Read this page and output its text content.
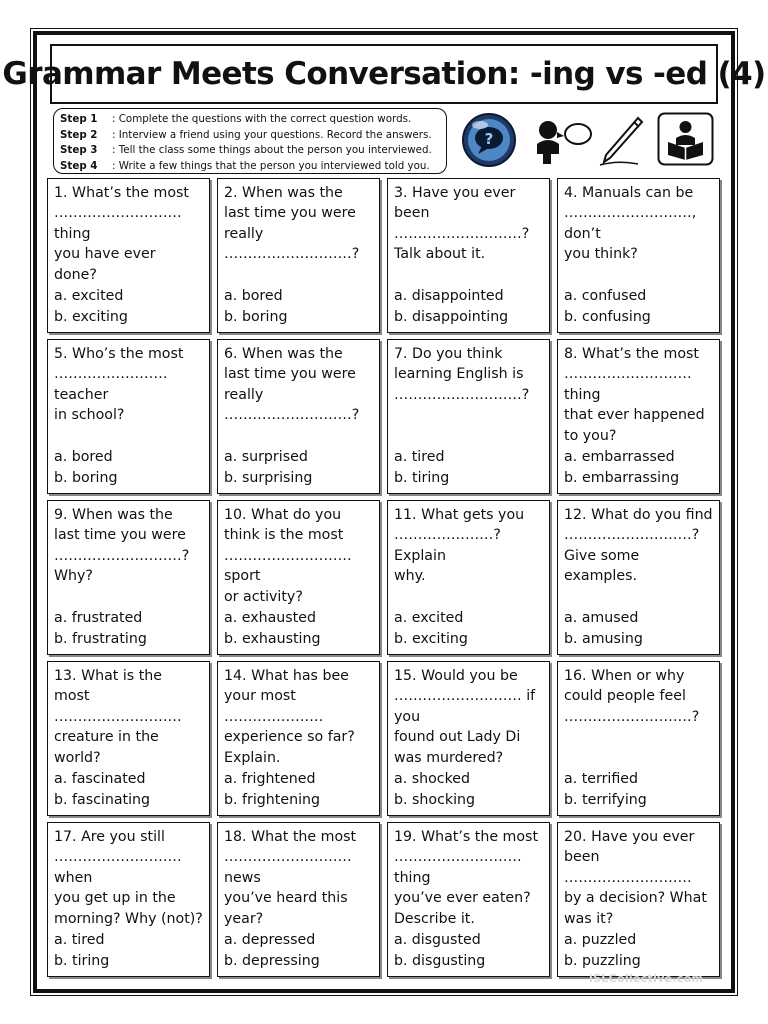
Grammar Meets Conversation: -ing vs -ed (4)
Step 1 : Complete the questions with the correct question words.
Step 2 : Interview a friend using your questions. Record the answers.
Step 3 : Tell the class some things about the person you interviewed.
Step 4 : Write a few things that the person you interviewed told you.
?
1. What’s the most
……………………… thing
you have ever done?
a. excited
b. exciting
2. When was the
last time you were
really ………………………?
a. bored
b. boring
3. Have you ever
been ………………………?
Talk about it.
a. disappointed
b. disappointing
4. Manuals can be
………………………, don’t
you think?
a. confused
b. confusing
5. Who’s the most
…………………… teacher
in school?
a. bored
b. boring
6. When was the
last time you were
really ………………………?
a. surprised
b. surprising
7. Do you think
learning English is
………………………?
a. tired
b. tiring
8. What’s the most
……………………… thing
that ever happened
to you?
a. embarrassed
b. embarrassing
9. When was the
last time you were
………………………?
Why?
a. frustrated
b. frustrating
10. What do you
think is the most
……………………… sport
or activity?
a. exhausted
b. exhausting
11. What gets you
…………………? Explain
why.
a. excited
b. exciting
12. What do you find
………………………?
Give some examples.
a. amused
b. amusing
13. What is the
most ………………………
creature in the
world?
a. fascinated
b. fascinating
14. What has bee
your most …………………
experience so far?
Explain.
a. frightened
b. frightening
15. Would you be
……………………… if you
found out Lady Di
was murdered?
a. shocked
b. shocking
16. When or why
could people feel
………………………?
a. terrified
b. terrifying
17. Are you still
……………………… when
you get up in the
morning? Why (not)?
a. tired
b. tiring
18. What the most
……………………… news
you’ve heard this
year?
a. depressed
b. depressing
19. What’s the most
……………………… thing
you’ve ever eaten?
Describe it.
a. disgusted
b. disgusting
20. Have you ever
been ………………………
by a decision? What
was it?
a. puzzled
b. puzzling
iSLCollective.com
